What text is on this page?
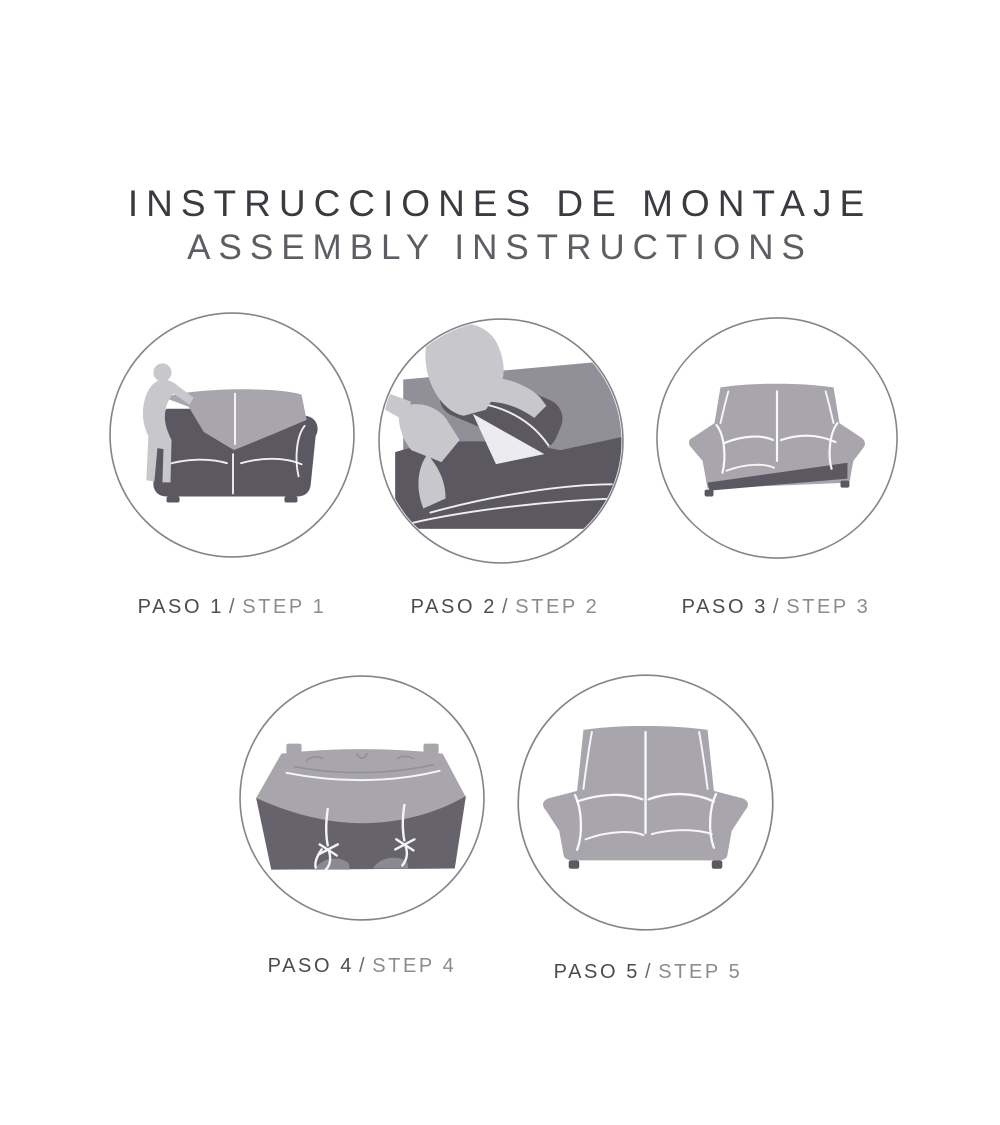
INSTRUCCIONES DE MONTAJE
ASSEMBLY INSTRUCTIONS
PASO 1 / STEP 1	PASO 2 / STEP 2	PASO 3 / STEP 3
PASO 4 / STEP 4	PASO 5 / STEP 5
